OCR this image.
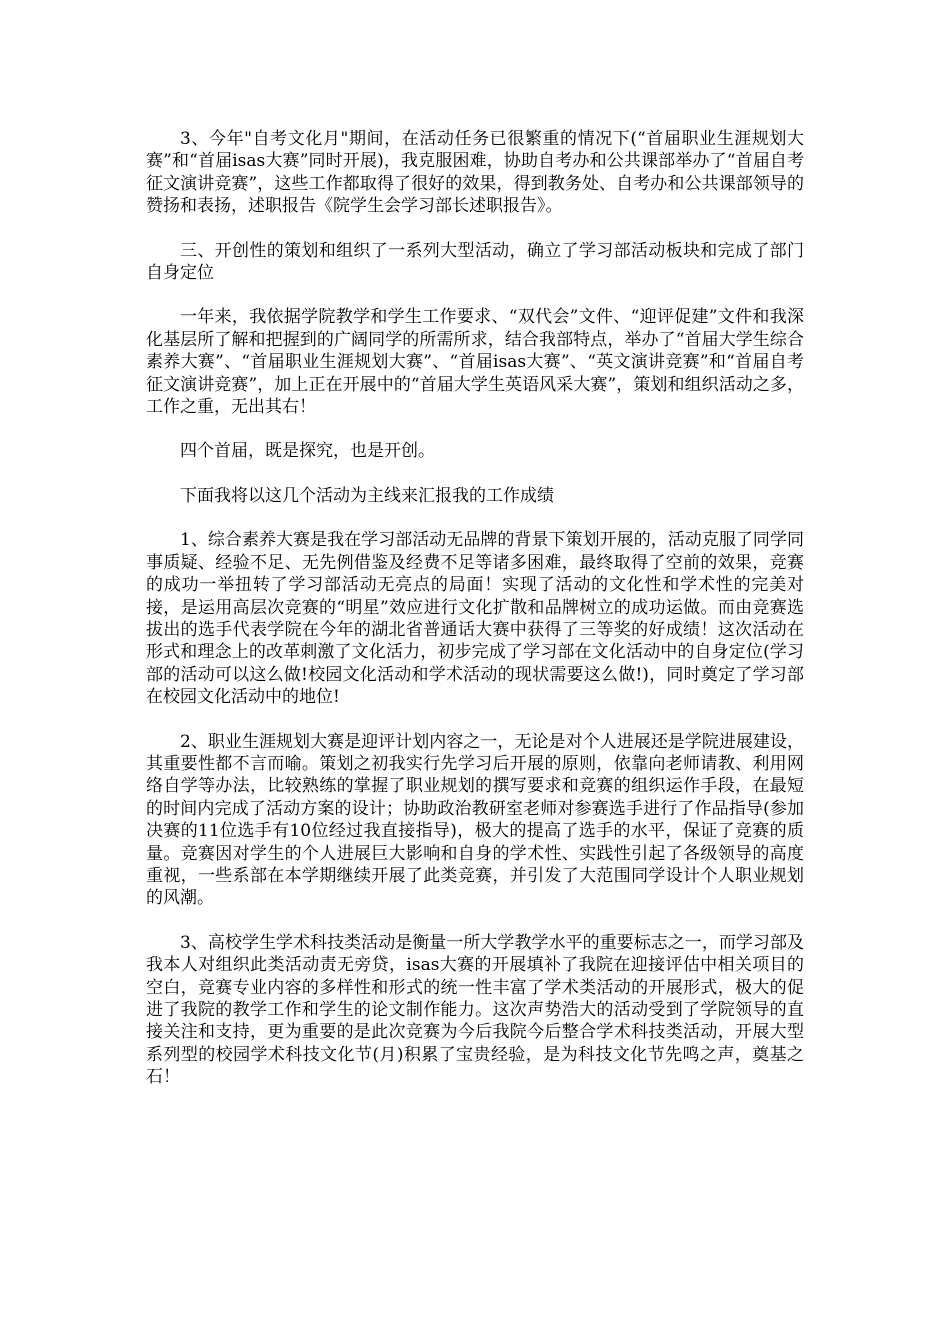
3、今年"自考文化月"期间，在活动任务已很繁重的情况下(“首届职业生涯规划大赛”和“首届isas大赛”同时开展)，我克服困难，协助自考办和公共课部举办了“首届自考征文演讲竞赛”，这些工作都取得了很好的效果，得到教务处、自考办和公共课部领导的赞扬和表扬，述职报告《院学生会学习部长述职报告》。

三、开创性的策划和组织了一系列大型活动，确立了学习部活动板块和完成了部门自身定位

一年来，我依据学院教学和学生工作要求、“双代会”文件、“迎评促建”文件和我深化基层所了解和把握到的广阔同学的所需所求，结合我部特点，举办了“首届大学生综合素养大赛”、“首届职业生涯规划大赛”、“首届isas大赛”、“英文演讲竞赛”和“首届自考征文演讲竞赛”，加上正在开展中的“首届大学生英语风采大赛”，策划和组织活动之多，工作之重，无出其右！

四个首届，既是探究，也是开创。

下面我将以这几个活动为主线来汇报我的工作成绩

1、综合素养大赛是我在学习部活动无品牌的背景下策划开展的，活动克服了同学同事质疑、经验不足、无先例借鉴及经费不足等诸多困难，最终取得了空前的效果，竞赛的成功一举扭转了学习部活动无亮点的局面！实现了活动的文化性和学术性的完美对接，是运用高层次竞赛的“明星”效应进行文化扩散和品牌树立的成功运做。而由竞赛选拔出的选手代表学院在今年的湖北省普通话大赛中获得了三等奖的好成绩！这次活动在形式和理念上的改革刺激了文化活力，初步完成了学习部在文化活动中的自身定位(学习部的活动可以这么做!校园文化活动和学术活动的现状需要这么做!)，同时奠定了学习部在校园文化活动中的地位!

2、职业生涯规划大赛是迎评计划内容之一，无论是对个人进展还是学院进展建设，其重要性都不言而喻。策划之初我实行先学习后开展的原则，依靠向老师请教、利用网络自学等办法，比较熟练的掌握了职业规划的撰写要求和竞赛的组织运作手段，在最短的时间内完成了活动方案的设计；协助政治教研室老师对参赛选手进行了作品指导(参加决赛的11位选手有10位经过我直接指导)，极大的提高了选手的水平，保证了竞赛的质量。竞赛因对学生的个人进展巨大影响和自身的学术性、实践性引起了各级领导的高度重视，一些系部在本学期继续开展了此类竞赛，并引发了大范围同学设计个人职业规划的风潮。

3、高校学生学术科技类活动是衡量一所大学教学水平的重要标志之一，而学习部及我本人对组织此类活动责无旁贷，isas大赛的开展填补了我院在迎接评估中相关项目的空白，竞赛专业内容的多样性和形式的统一性丰富了学术类活动的开展形式，极大的促进了我院的教学工作和学生的论文制作能力。这次声势浩大的活动受到了学院领导的直接关注和支持，更为重要的是此次竞赛为今后我院今后整合学术科技类活动，开展大型系列型的校园学术科技文化节(月)积累了宝贵经验，是为科技文化节先鸣之声，奠基之石！
